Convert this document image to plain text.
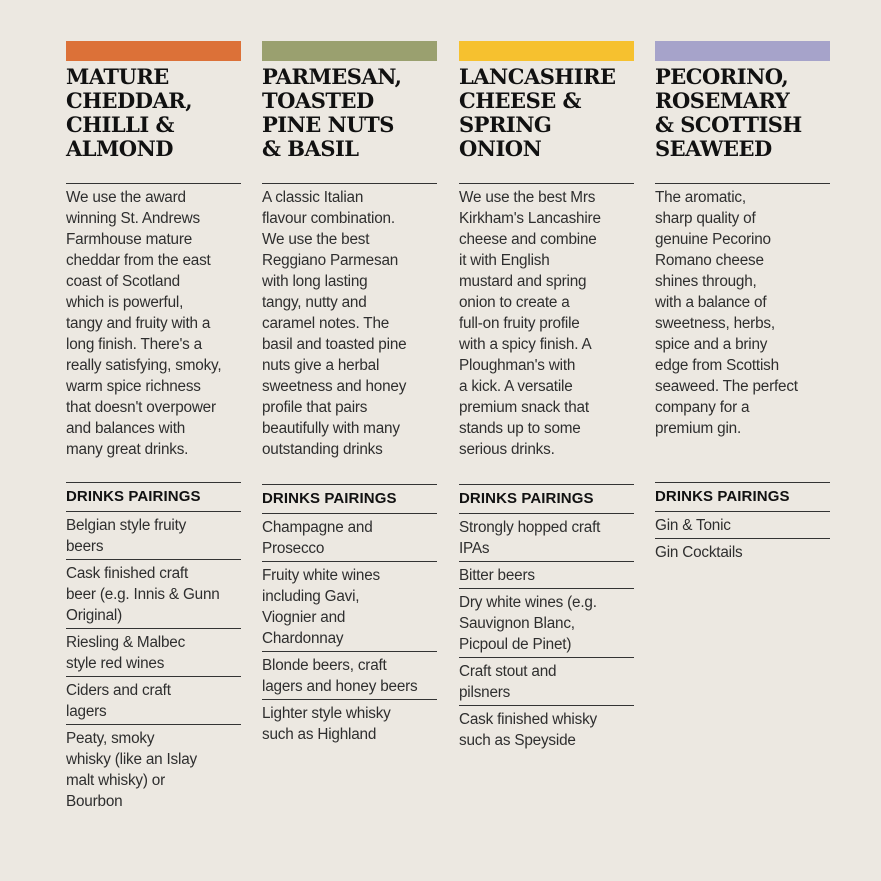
MATURE
CHEDDAR,
CHILLI &
ALMOND
We use the award
winning St. Andrews
Farmhouse mature
cheddar from the east
coast of Scotland
which is powerful,
tangy and fruity with a
long finish. There's a
really satisfying, smoky,
warm spice richness
that doesn't overpower
and balances with
many great drinks.
DRINKS PAIRINGS
Belgian style fruity
beers
Cask finished craft
beer (e.g. Innis & Gunn
Original)
Riesling & Malbec
style red wines
Ciders and craft
lagers
Peaty, smoky
whisky (like an Islay
malt whisky) or
Bourbon
PARMESAN,
TOASTED
PINE NUTS
& BASIL
A classic Italian
flavour combination.
We use the best
Reggiano Parmesan
with long lasting
tangy, nutty and
caramel notes. The
basil and toasted pine
nuts give a herbal
sweetness and honey
profile that pairs
beautifully with many
outstanding drinks
DRINKS PAIRINGS
Champagne and
Prosecco
Fruity white wines
including Gavi,
Viognier and
Chardonnay
Blonde beers, craft
lagers and honey beers
Lighter style whisky
such as Highland
LANCASHIRE
CHEESE &
SPRING
ONION
We use the best Mrs
Kirkham's Lancashire
cheese and combine
it with English
mustard and spring
onion to create a
full-on fruity profile
with a spicy finish. A
Ploughman's with
a kick. A versatile
premium snack that
stands up to some
serious drinks.
DRINKS PAIRINGS
Strongly hopped craft
IPAs
Bitter beers
Dry white wines (e.g.
Sauvignon Blanc,
Picpoul de Pinet)
Craft stout and
pilsners
Cask finished whisky
such as Speyside
PECORINO,
ROSEMARY
& SCOTTISH
SEAWEED
The aromatic,
sharp quality of
genuine Pecorino
Romano cheese
shines through,
with a balance of
sweetness, herbs,
spice and a briny
edge from Scottish
seaweed. The perfect
company for a
premium gin.
DRINKS PAIRINGS
Gin & Tonic
Gin Cocktails
